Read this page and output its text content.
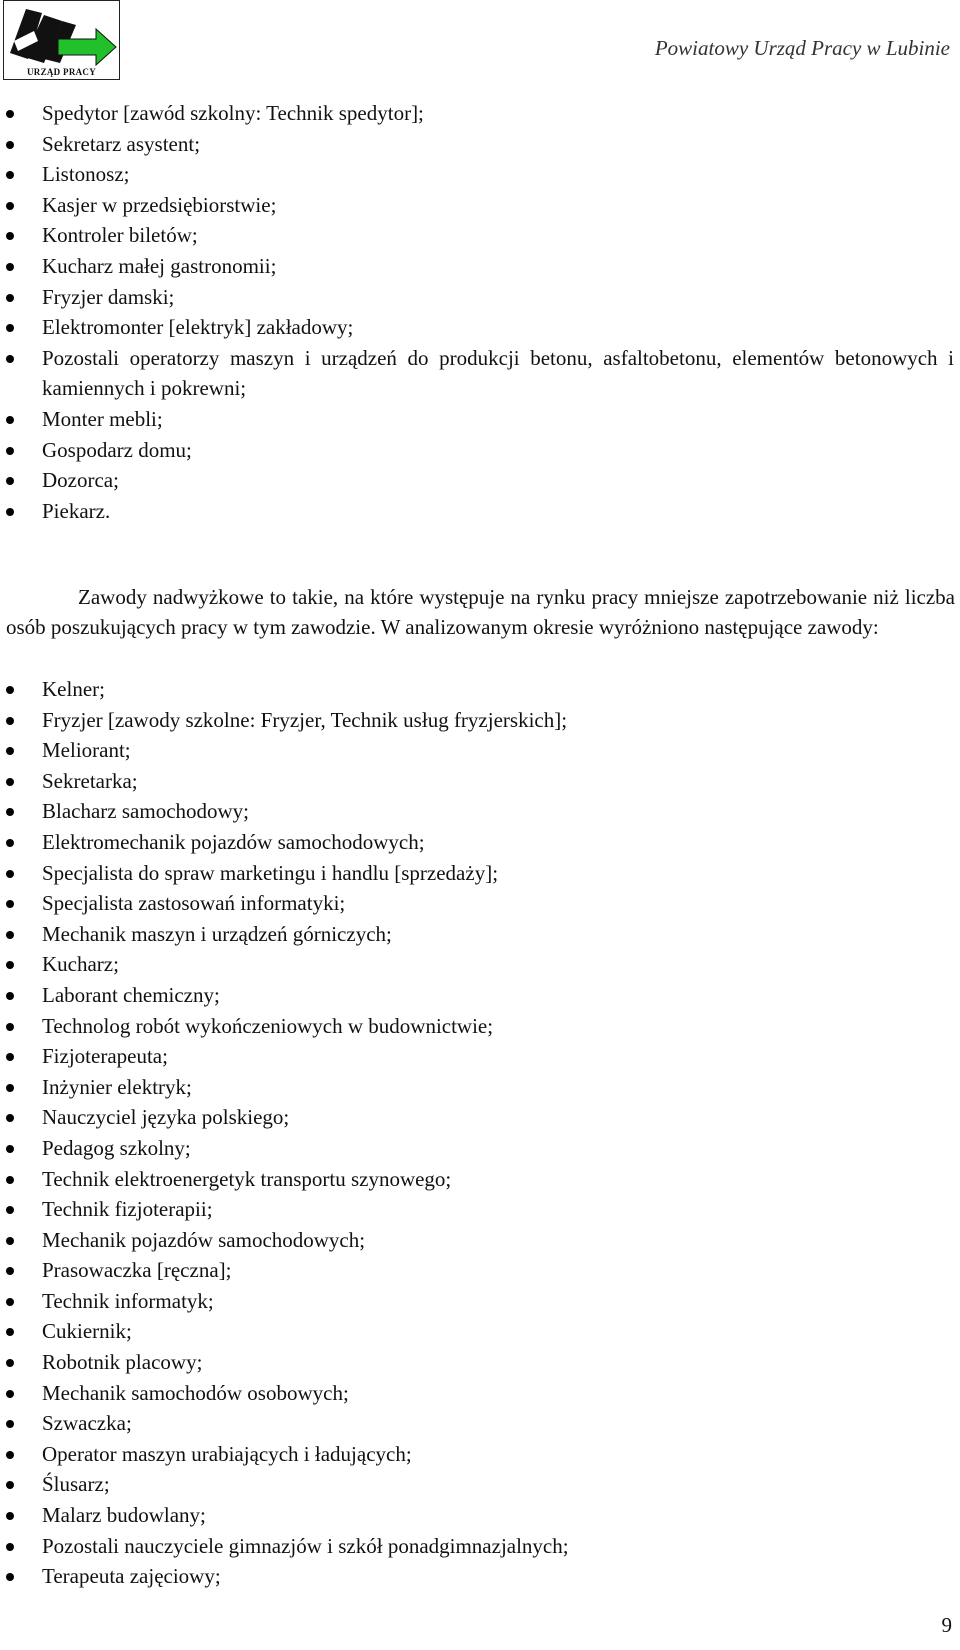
URZĄD PRACY
Powiatowy Urząd Pracy w Lubinie
Spedytor [zawód szkolny: Technik spedytor];
Sekretarz asystent;
Listonosz;
Kasjer w przedsiębiorstwie;
Kontroler biletów;
Kucharz małej gastronomii;
Fryzjer damski;
Elektromonter [elektryk] zakładowy;
Pozostali operatorzy maszyn i urządzeń do produkcji betonu, asfaltobetonu, elementów betonowych i kamiennych i pokrewni;
Monter mebli;
Gospodarz domu;
Dozorca;
Piekarz.
Zawody nadwyżkowe to takie, na które występuje na rynku pracy mniejsze zapotrzebowanie niż liczba osób poszukujących pracy w tym zawodzie. W analizowanym okresie wyróżniono następujące zawody:
Kelner;
Fryzjer [zawody szkolne: Fryzjer, Technik usług fryzjerskich];
Meliorant;
Sekretarka;
Blacharz samochodowy;
Elektromechanik pojazdów samochodowych;
Specjalista do spraw marketingu i handlu [sprzedaży];
Specjalista zastosowań informatyki;
Mechanik maszyn i urządzeń górniczych;
Kucharz;
Laborant chemiczny;
Technolog robót wykończeniowych w budownictwie;
Fizjoterapeuta;
Inżynier elektryk;
Nauczyciel języka polskiego;
Pedagog szkolny;
Technik elektroenergetyk transportu szynowego;
Technik fizjoterapii;
Mechanik pojazdów samochodowych;
Prasowaczka [ręczna];
Technik informatyk;
Cukiernik;
Robotnik placowy;
Mechanik samochodów osobowych;
Szwaczka;
Operator maszyn urabiających i ładujących;
Ślusarz;
Malarz budowlany;
Pozostali nauczyciele gimnazjów i szkół ponadgimnazjalnych;
Terapeuta zajęciowy;
9
